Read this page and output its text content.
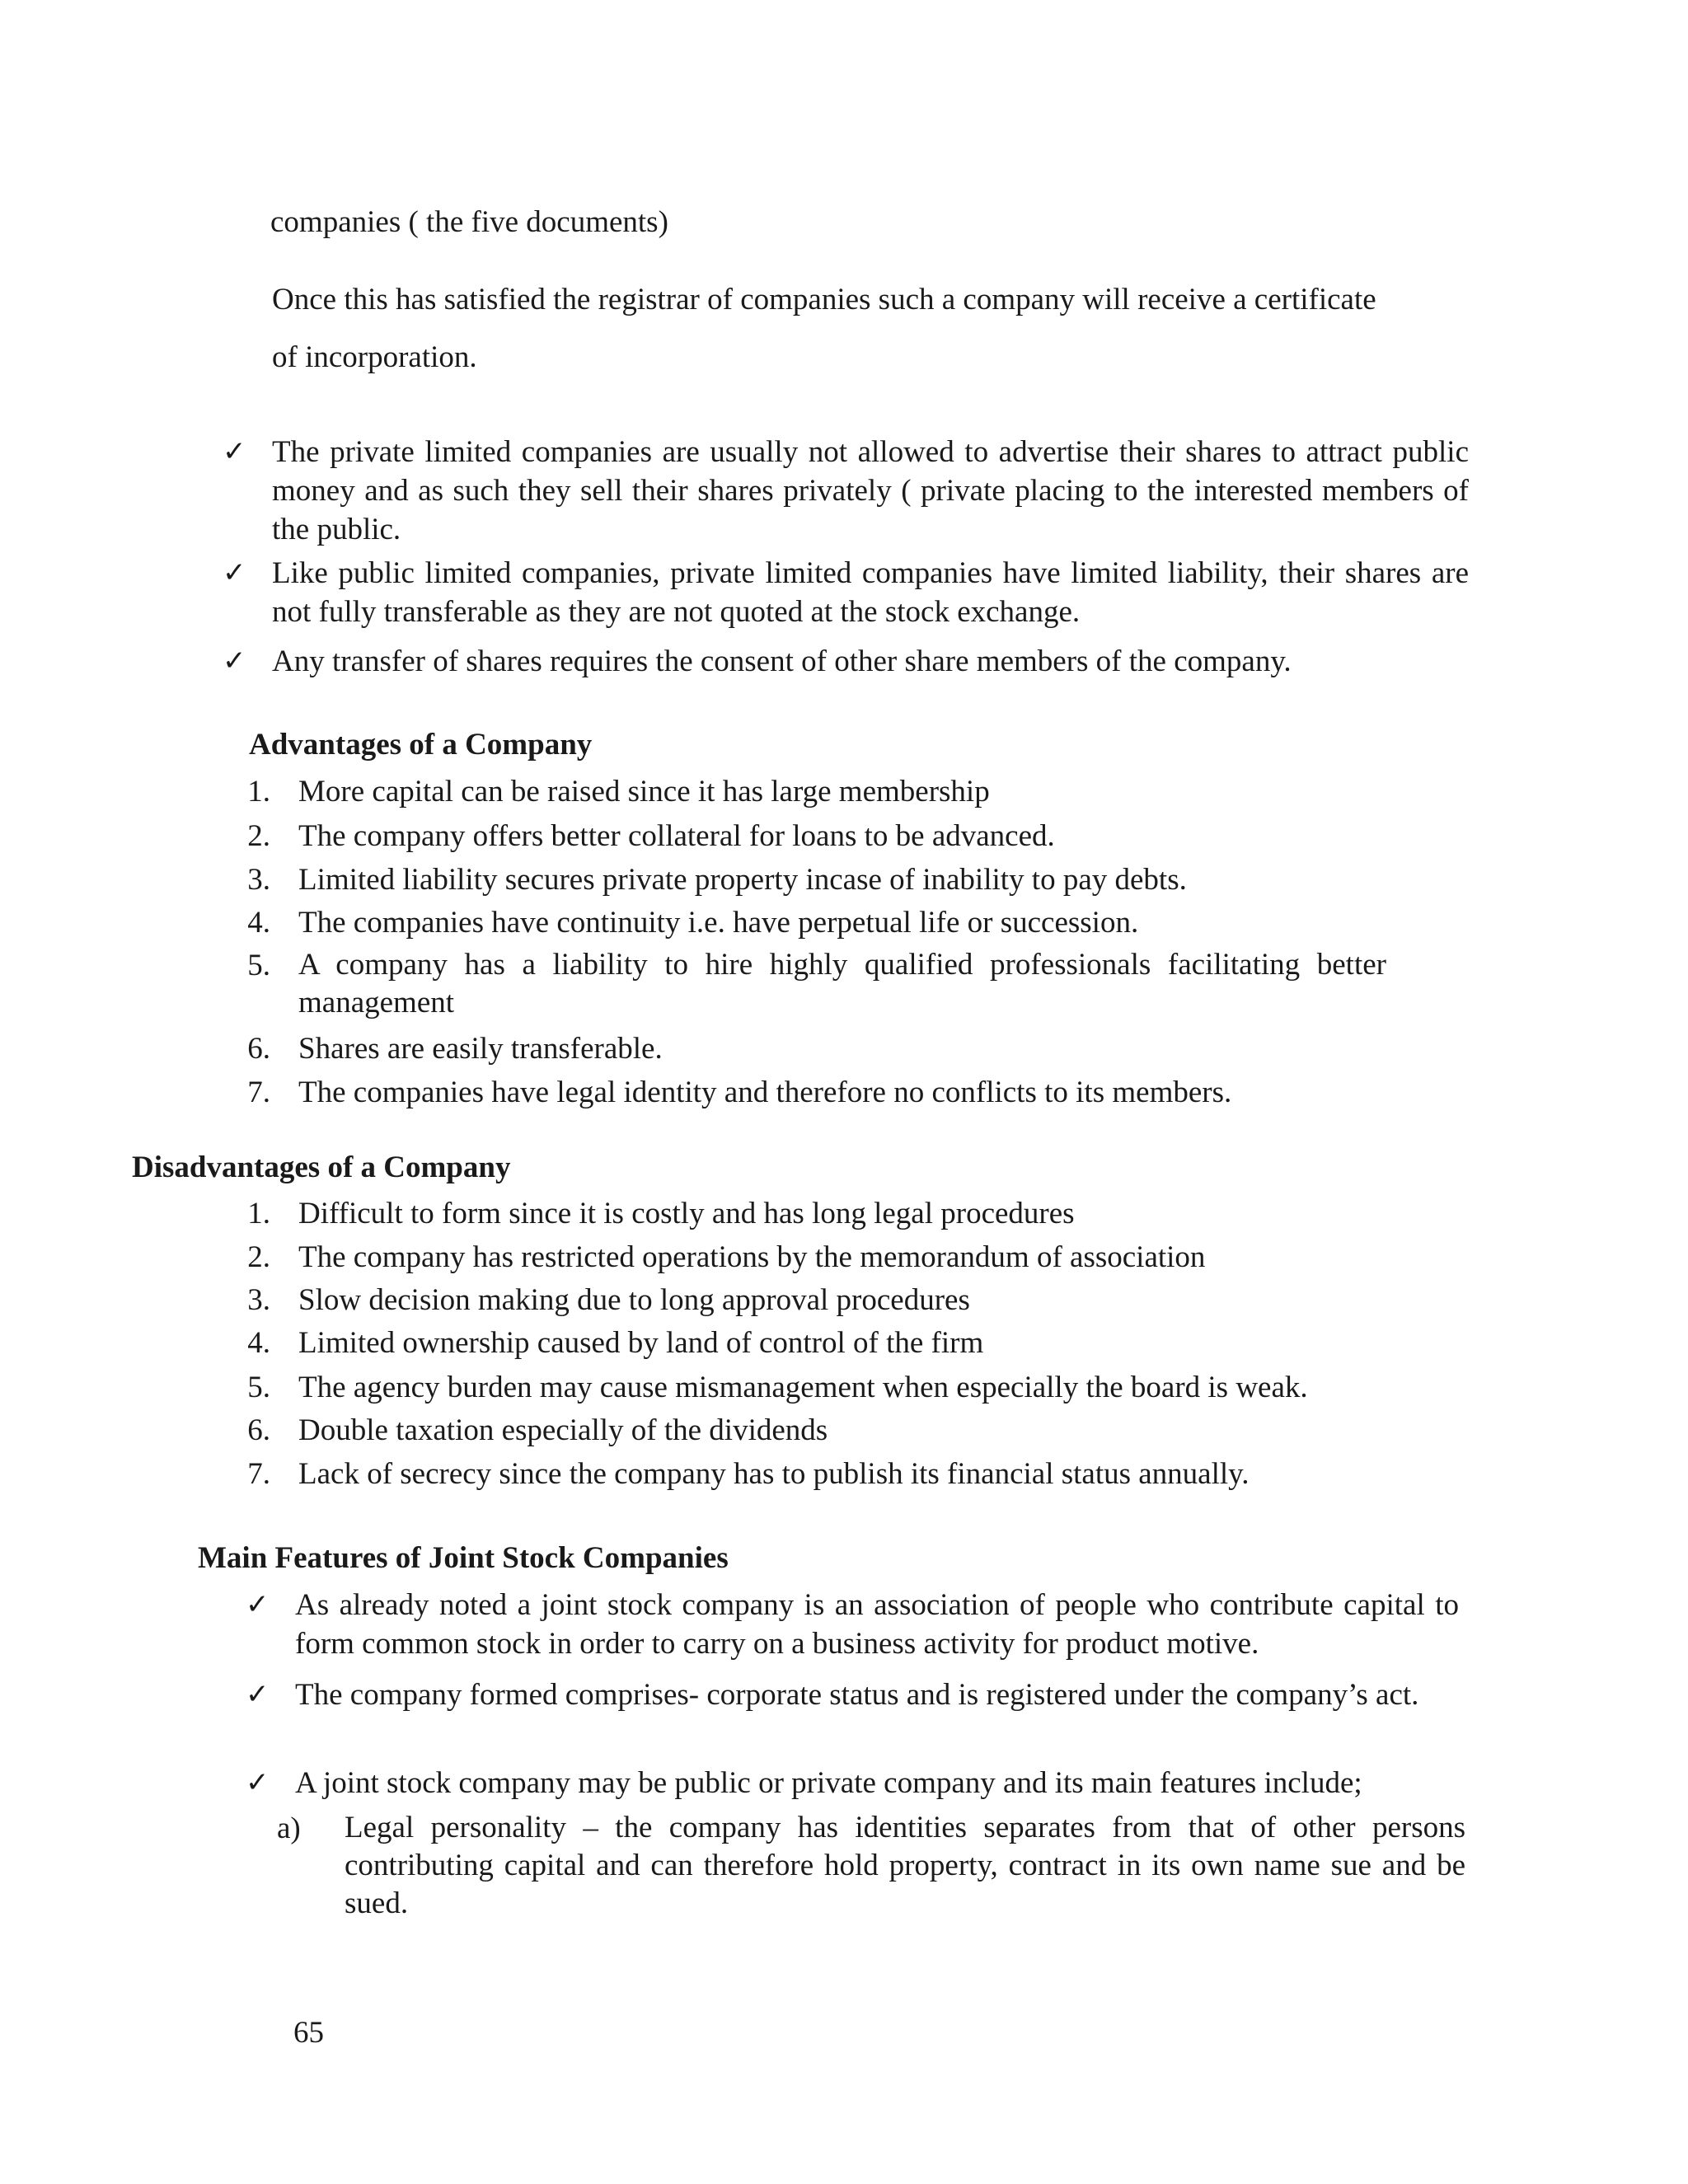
companies ( the five documents)
Once this has satisfied the registrar of companies such a company will receive a certificate
of incorporation.
✓ The private limited companies are usually not allowed to advertise their shares to attract public money and as such they sell their shares privately ( private placing to the interested members of the public.
✓ Like public limited companies, private limited companies have limited liability, their shares are not fully transferable as they are not quoted at the stock exchange.
✓ Any transfer of shares requires the consent of other share members of the company.
Advantages of a Company
1. More capital can be raised since it has large membership
2. The company offers better collateral for loans to be advanced.
3. Limited liability secures private property incase of inability to pay debts.
4. The companies have continuity i.e. have perpetual life or succession.
5. A company has a liability to hire highly qualified professionals facilitating better management
6. Shares are easily transferable.
7. The companies have legal identity and therefore no conflicts to its members.
Disadvantages of a Company
1. Difficult to form since it is costly and has long legal procedures
2. The company has restricted operations by the memorandum of association
3. Slow decision making due to long approval procedures
4. Limited ownership caused by land of control of the firm
5. The agency burden may cause mismanagement when especially the board is weak.
6. Double taxation especially of the dividends
7. Lack of secrecy since the company has to publish its financial status annually.
Main Features of Joint Stock Companies
✓ As already noted a joint stock company is an association of people who contribute capital to form common stock in order to carry on a business activity for product motive.
✓ The company formed comprises- corporate status and is registered under the company’s act.
✓ A joint stock company may be public or private company and its main features include;
a)	Legal personality – the company has identities separates from that of other persons contributing capital and can therefore hold property, contract in its own name sue and be sued.
65
